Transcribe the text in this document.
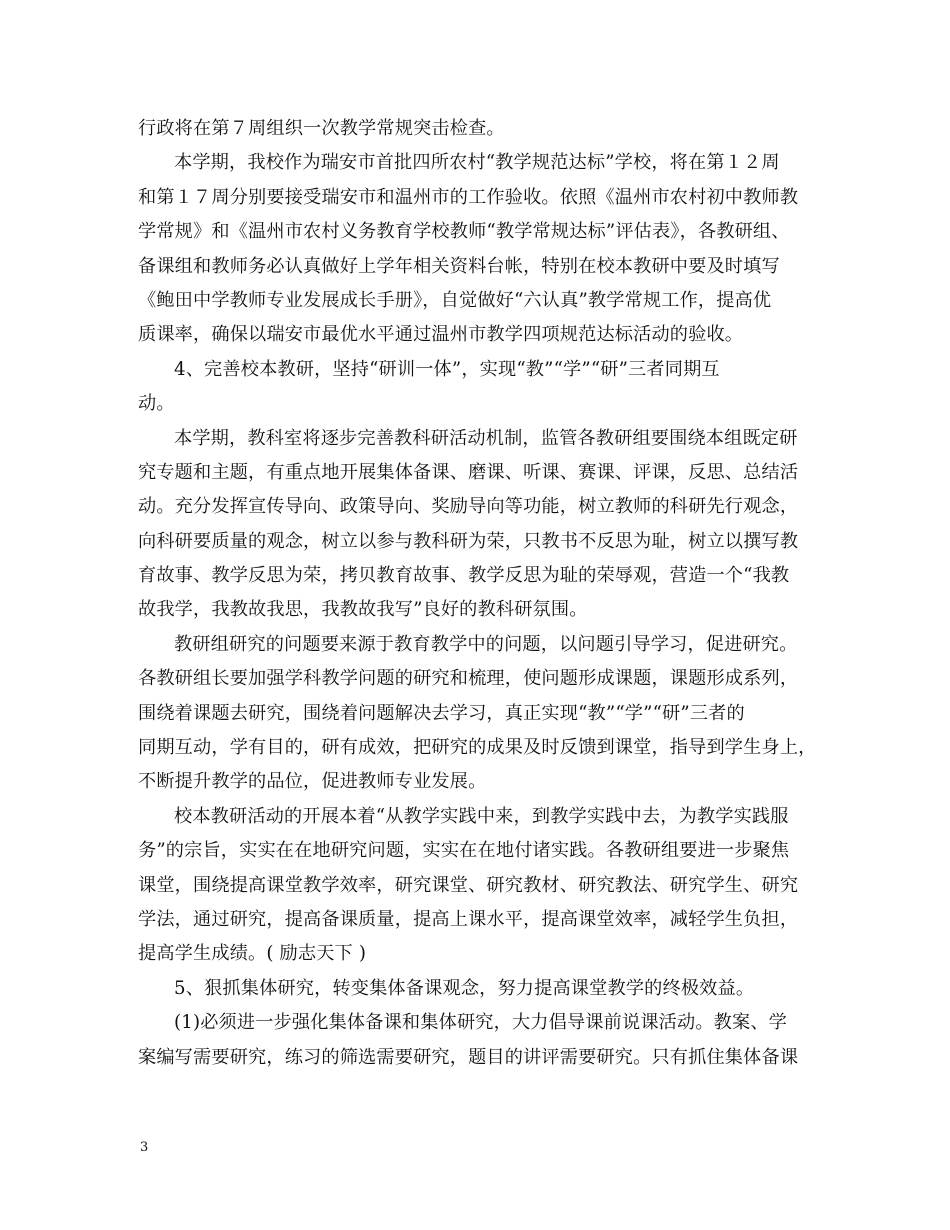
行政将在第７周组织一次教学常规突击检查。
本学期，我校作为瑞安市首批四所农村“教学规范达标”学校，将在第１２周
和第１７周分别要接受瑞安市和温州市的工作验收。依照《温州市农村初中教师教
学常规》和《温州市农村义务教育学校教师“教学常规达标”评估表》，各教研组、
备课组和教师务必认真做好上学年相关资料台帐，特别在校本教研中要及时填写
《鲍田中学教师专业发展成长手册》，自觉做好“六认真”教学常规工作，提高优
质课率，确保以瑞安市最优水平通过温州市教学四项规范达标活动的验收。
4、完善校本教研，坚持“研训一体”，实现“教”“学”“研”三者同期互
动。
本学期，教科室将逐步完善教科研活动机制，监管各教研组要围绕本组既定研
究专题和主题，有重点地开展集体备课、磨课、听课、赛课、评课，反思、总结活
动。充分发挥宣传导向、政策导向、奖励导向等功能，树立教师的科研先行观念，
向科研要质量的观念，树立以参与教科研为荣，只教书不反思为耻，树立以撰写教
育故事、教学反思为荣，拷贝教育故事、教学反思为耻的荣辱观，营造一个“我教
故我学，我教故我思，我教故我写”良好的教科研氛围。
教研组研究的问题要来源于教育教学中的问题，以问题引导学习，促进研究。
各教研组长要加强学科教学问题的研究和梳理，使问题形成课题，课题形成系列，
围绕着课题去研究，围绕着问题解决去学习，真正实现“教”“学”“研”三者的
同期互动，学有目的，研有成效，把研究的成果及时反馈到课堂，指导到学生身上，
不断提升教学的品位，促进教师专业发展。
校本教研活动的开展本着“从教学实践中来，到教学实践中去，为教学实践服
务”的宗旨，实实在在地研究问题，实实在在地付诸实践。各教研组要进一步聚焦
课堂，围绕提高课堂教学效率，研究课堂、研究教材、研究教法、研究学生、研究
学法，通过研究，提高备课质量，提高上课水平，提高课堂效率，减轻学生负担，
提高学生成绩。( 励志天下 )
5、狠抓集体研究，转变集体备课观念，努力提高课堂教学的终极效益。
(1)必须进一步强化集体备课和集体研究，大力倡导课前说课活动。教案、学
案编写需要研究，练习的筛选需要研究，题目的讲评需要研究。只有抓住集体备课
3
